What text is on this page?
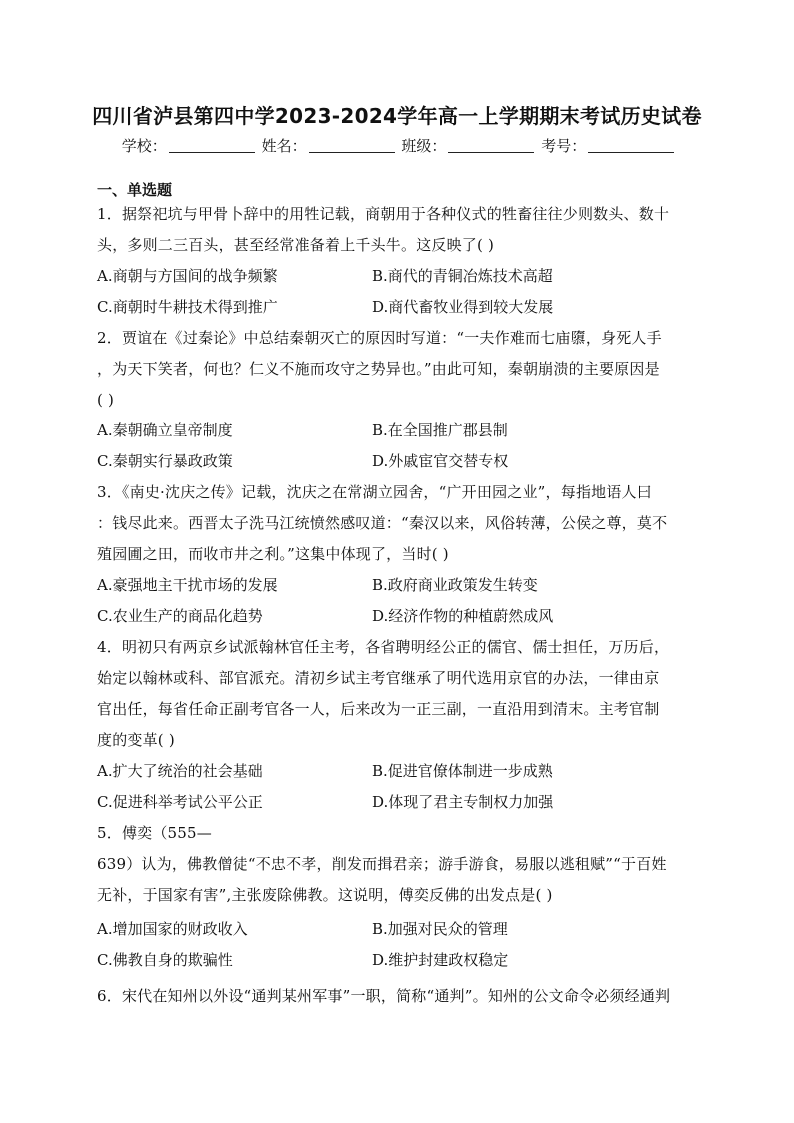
四川省泸县第四中学2023-2024学年高一上学期期末考试历史试卷
学校：	姓名：	班级：	考号：
一、单选题
1．据祭祀坑与甲骨卜辞中的用牲记载，商朝用于各种仪式的牲畜往往少则数头、数十
头，多则二三百头，甚至经常准备着上千头牛。这反映了( )
A.商朝与方国间的战争频繁	B.商代的青铜冶炼技术高超
C.商朝时牛耕技术得到推广	D.商代畜牧业得到较大发展
2．贾谊在《过秦论》中总结秦朝灭亡的原因时写道：“一夫作难而七庙隳，身死人手
，为天下笑者，何也？仁义不施而攻守之势异也。”由此可知，秦朝崩溃的主要原因是
( )
A.秦朝确立皇帝制度	B.在全国推广郡县制
C.秦朝实行暴政政策	D.外戚宦官交替专权
3．《南史·沈庆之传》记载，沈庆之在常湖立园舍，“广开田园之业”，每指地语人曰
：钱尽此来。西晋太子洗马江统愤然感叹道：“秦汉以来，风俗转薄，公侯之尊，莫不
殖园圃之田，而收市井之利。”这集中体现了，当时( )
A.豪强地主干扰市场的发展	B.政府商业政策发生转变
C.农业生产的商品化趋势	D.经济作物的种植蔚然成风
4．明初只有两京乡试派翰林官任主考，各省聘明经公正的儒官、儒士担任，万历后，
始定以翰林或科、部官派充。清初乡试主考官继承了明代选用京官的办法，一律由京
官出任，每省任命正副考官各一人，后来改为一正三副，一直沿用到清末。主考官制
度的变革( )
A.扩大了统治的社会基础	B.促进官僚体制进一步成熟
C.促进科举考试公平公正	D.体现了君主专制权力加强
5．傅奕（555—
639）认为，佛教僧徒“不忠不孝，削发而揖君亲；游手游食，易服以逃租赋”“于百姓
无补，于国家有害”,主张废除佛教。这说明，傅奕反佛的出发点是( )
A.增加国家的财政收入	B.加强对民众的管理
C.佛教自身的欺骗性	D.维护封建政权稳定
6．宋代在知州以外设“通判某州军事”一职，简称“通判”。知州的公文命令必须经通判
